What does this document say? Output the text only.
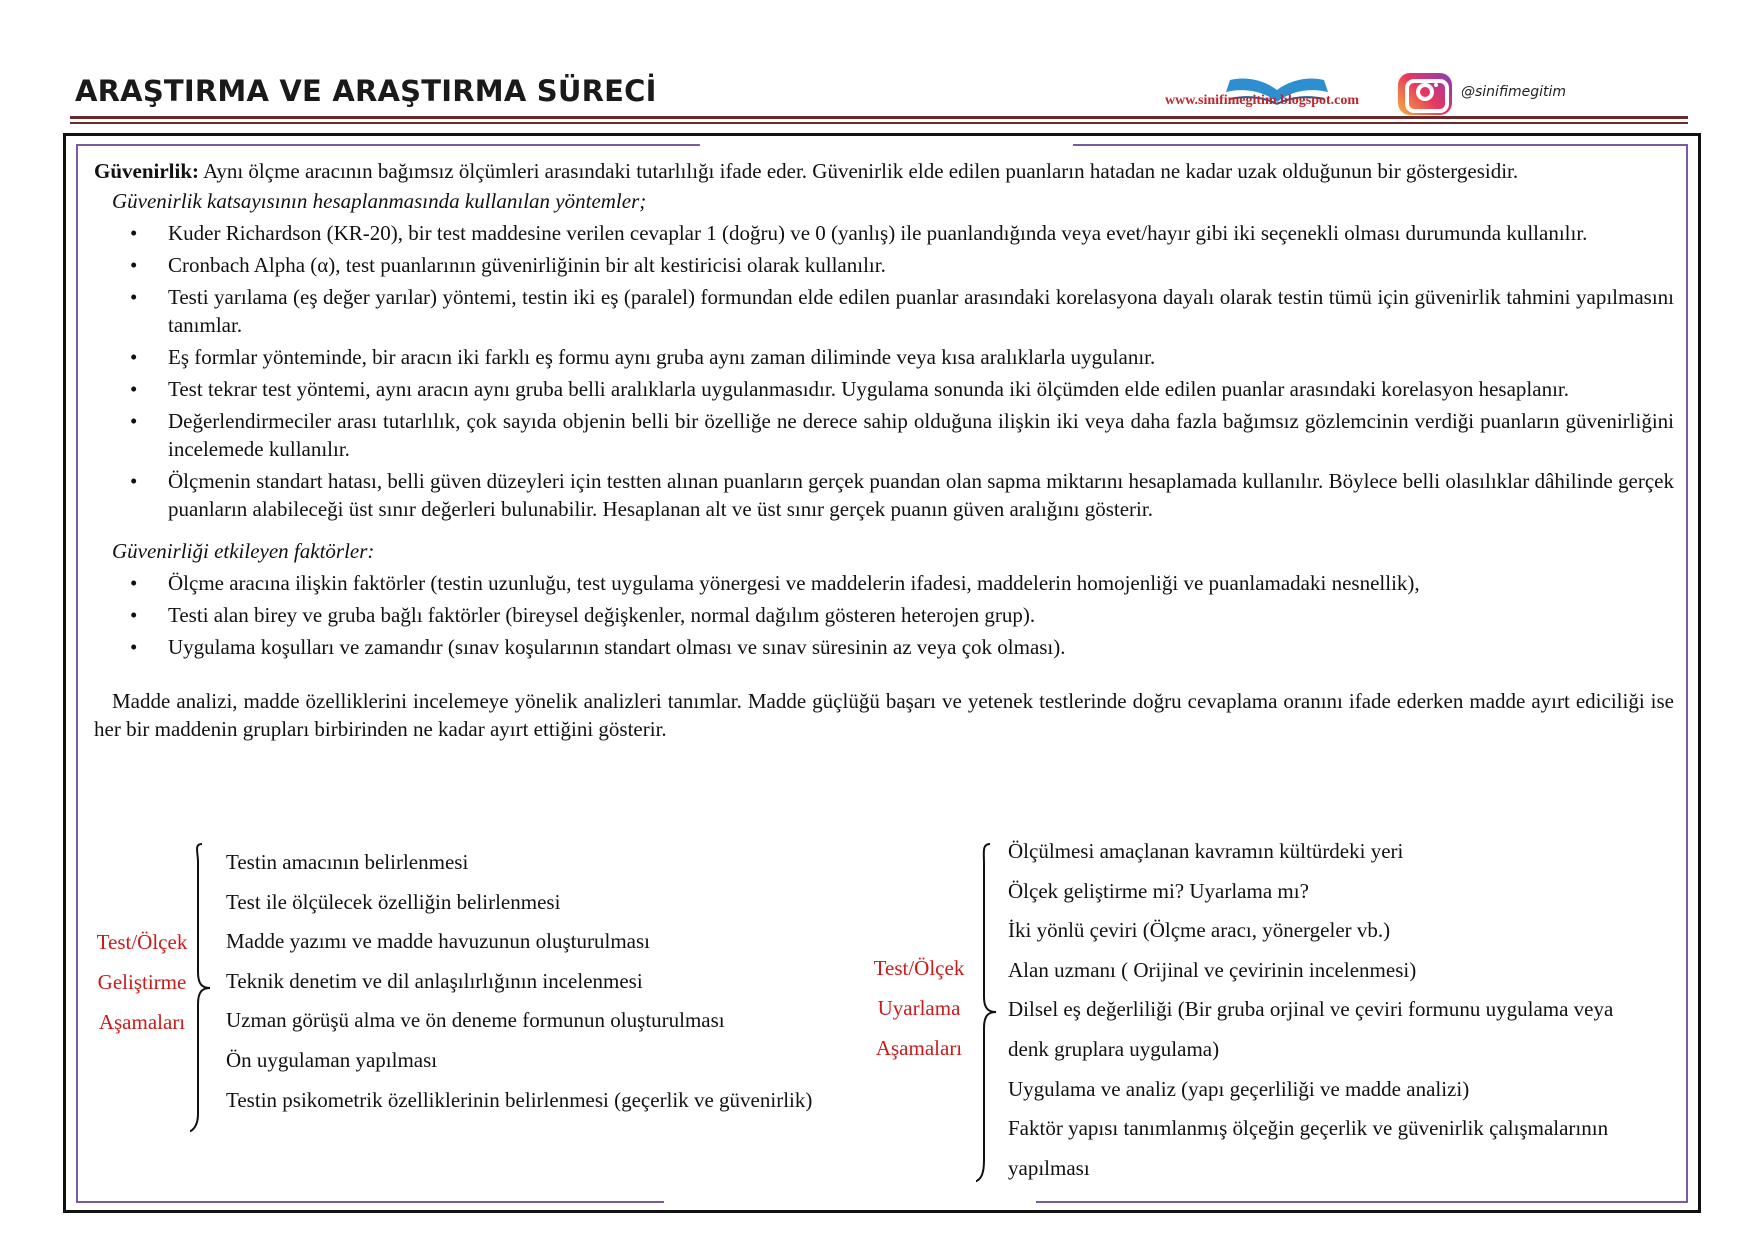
ARAŞTIRMA VE ARAŞTIRMA SÜRECİ	www.sinifimegitim.blogspot.com
@sinifimegitim

Güvenirlik: Aynı ölçme aracının bağımsız ölçümleri arasındaki tutarlılığı ifade eder. Güvenirlik elde edilen puanların hatadan ne kadar uzak olduğunun bir göstergesidir.

Güvenirlik katsayısının hesaplanmasında kullanılan yöntemler;

• Kuder Richardson (KR-20), bir test maddesine verilen cevaplar 1 (doğru) ve 0 (yanlış) ile puanlandığında veya evet/hayır gibi iki seçenekli olması durumunda kullanılır.
• Cronbach Alpha (α), test puanlarının güvenirliğinin bir alt kestiricisi olarak kullanılır.
• Testi yarılama (eş değer yarılar) yöntemi, testin iki eş (paralel) formundan elde edilen puanlar arasındaki korelasyona dayalı olarak testin tümü için güvenirlik tahmini yapılmasını tanımlar.
• Eş formlar yönteminde, bir aracın iki farklı eş formu aynı gruba aynı zaman diliminde veya kısa aralıklarla uygulanır.
• Test tekrar test yöntemi, aynı aracın aynı gruba belli aralıklarla uygulanmasıdır. Uygulama sonunda iki ölçümden elde edilen puanlar arasındaki korelasyon hesaplanır.
• Değerlendirmeciler arası tutarlılık, çok sayıda objenin belli bir özelliğe ne derece sahip olduğuna ilişkin iki veya daha fazla bağımsız gözlemcinin verdiği puanların güvenirliğini incelemede kullanılır.
• Ölçmenin standart hatası, belli güven düzeyleri için testten alınan puanların gerçek puandan olan sapma miktarını hesaplamada kullanılır. Böylece belli olasılıklar dâhilinde gerçek puanların alabileceği üst sınır değerleri bulunabilir. Hesaplanan alt ve üst sınır gerçek puanın güven aralığını gösterir.

Güvenirliği etkileyen faktörler:

• Ölçme aracına ilişkin faktörler (testin uzunluğu, test uygulama yönergesi ve maddelerin ifadesi, maddelerin homojenliği ve puanlamadaki nesnellik),
• Testi alan birey ve gruba bağlı faktörler (bireysel değişkenler, normal dağılım gösteren heterojen grup).
• Uygulama koşulları ve zamandır (sınav koşularının standart olması ve sınav süresinin az veya çok olması).

Madde analizi, madde özelliklerini incelemeye yönelik analizleri tanımlar. Madde güçlüğü başarı ve yetenek testlerinde doğru cevaplama oranını ifade ederken madde ayırt ediciliği ise her bir maddenin grupları birbirinden ne kadar ayırt ettiğini gösterir.

Test/Ölçek
Geliştirme
Aşamaları
Testin amacının belirlenmesi
Test ile ölçülecek özelliğin belirlenmesi
Madde yazımı ve madde havuzunun oluşturulması
Teknik denetim ve dil anlaşılırlığının incelenmesi
Uzman görüşü alma ve ön deneme formunun oluşturulması
Ön uygulaman yapılması
Testin psikometrik özelliklerinin belirlenmesi (geçerlik ve güvenirlik)
Test/Ölçek
Uyarlama
Aşamaları
Ölçülmesi amaçlanan kavramın kültürdeki yeri
Ölçek geliştirme mi? Uyarlama mı?
İki yönlü çeviri (Ölçme aracı, yönergeler vb.)
Alan uzmanı ( Orijinal ve çevirinin incelenmesi)
Dilsel eş değerliliği (Bir gruba orjinal ve çeviri formunu uygulama veya
denk gruplara uygulama)
Uygulama ve analiz (yapı geçerliliği ve madde analizi)
Faktör yapısı tanımlanmış ölçeğin geçerlik ve güvenirlik çalışmalarının
yapılması
